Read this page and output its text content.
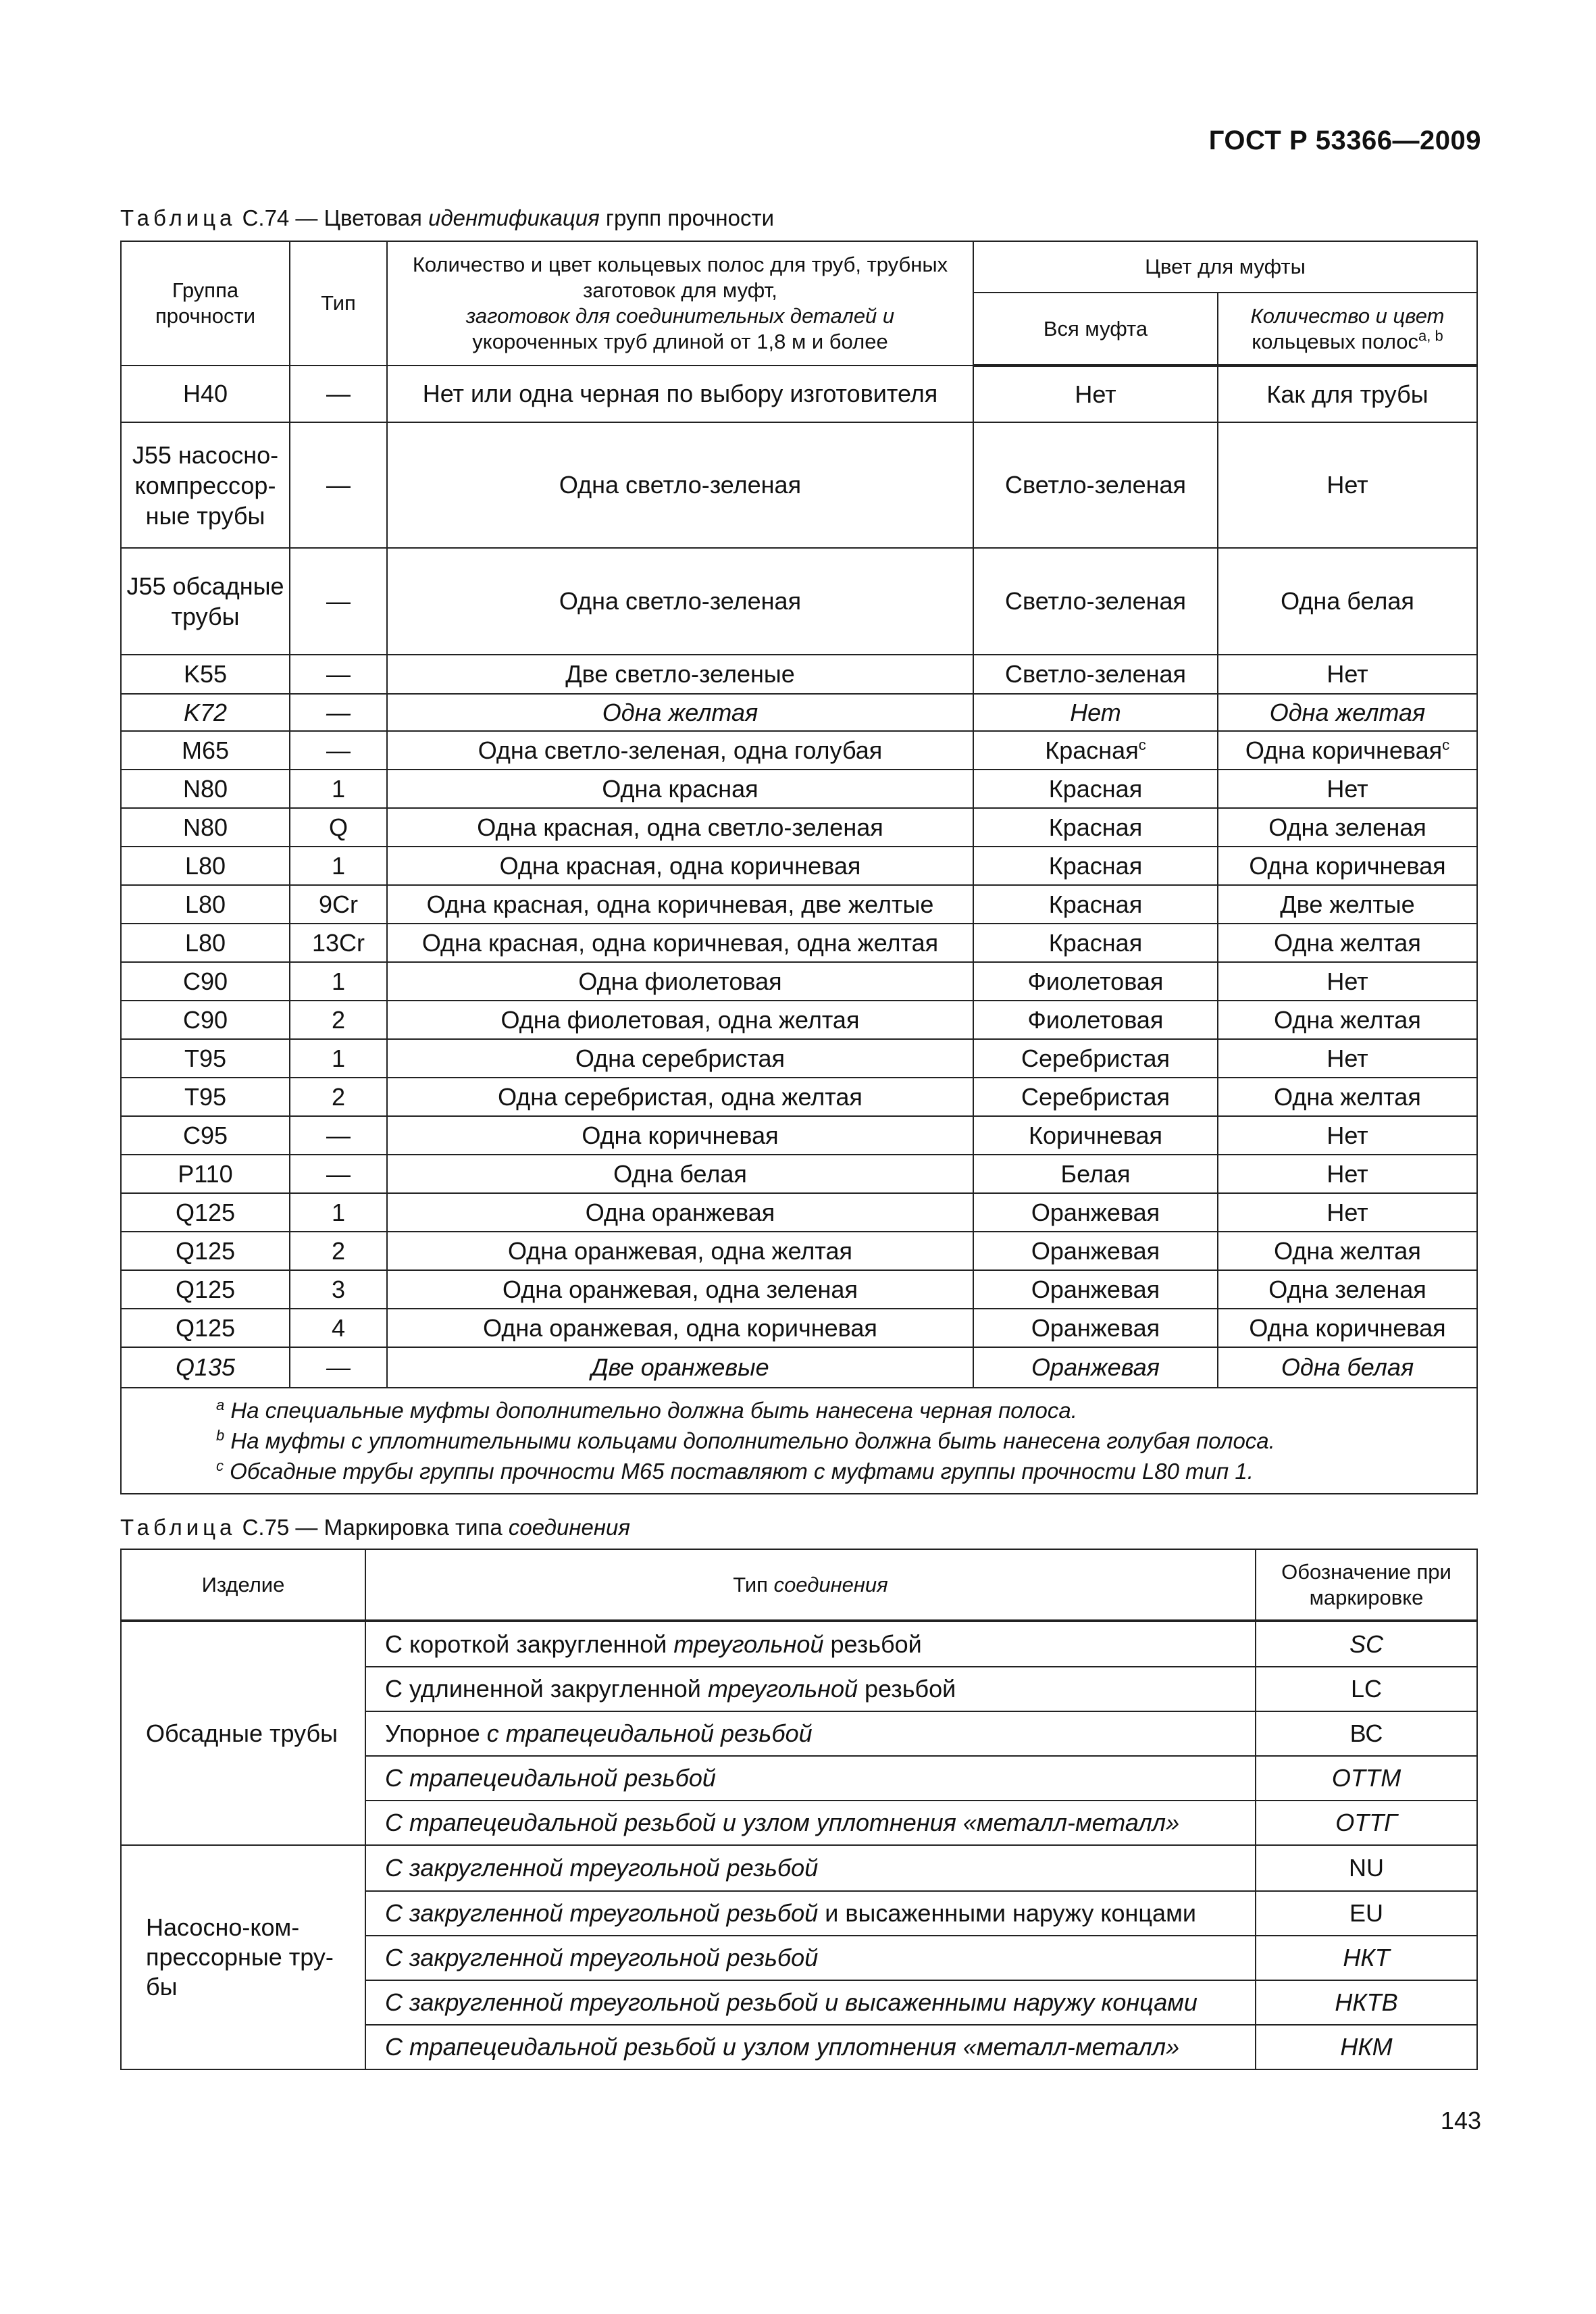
ГОСТ Р 53366—2009
Таблица С.74 — Цветовая идентификация групп прочности
Группа прочности	Тип	Количество и цвет кольцевых полос для труб, трубных заготовок для муфт,
заготовок для соединительных деталей и
укороченных труб длиной от 1,8 м и более	Цвет для муфты	
			Вся муфта	Количество и цвет
кольцевых полос$^{a, b}$

Н40	—	Нет или одна черная по выбору изготовителя	Нет	Как для трубы
J55 насосно-компрессор-ные трубы	—	Одна светло-зеленая	Светло-зеленая	Нет
J55 обсадные трубы	—	Одна светло-зеленая	Светло-зеленая	Одна белая
K55	—	Две светло-зеленые	Светло-зеленая	Нет
K72	—	Одна желтая	Нет	Одна желтая
М65	—	Одна светло-зеленая, одна голубая	Красная$^c$	Одна коричневая$^c$
N80	1	Одна красная	Красная	Нет
N80	Q	Одна красная, одна светло-зеленая	Красная	Одна зеленая
L80	1	Одна красная, одна коричневая	Красная	Одна коричневая
L80	9Cr	Одна красная, одна коричневая, две желтые	Красная	Две желтые
L80	13Cr	Одна красная, одна коричневая, одна желтая	Красная	Одна желтая
С90	1	Одна фиолетовая	Фиолетовая	Нет
С90	2	Одна фиолетовая, одна желтая	Фиолетовая	Одна желтая
Т95	1	Одна серебристая	Серебристая	Нет
Т95	2	Одна серебристая, одна желтая	Серебристая	Одна желтая
С95	—	Одна коричневая	Коричневая	Нет
Р110	—	Одна белая	Белая	Нет
Q125	1	Одна оранжевая	Оранжевая	Нет
Q125	2	Одна оранжевая, одна желтая	Оранжевая	Одна желтая
Q125	3	Одна оранжевая, одна зеленая	Оранжевая	Одна зеленая
Q125	4	Одна оранжевая, одна коричневая	Оранжевая	Одна коричневая
Q135	—	Две оранжевые	Оранжевая	Одна белая

$^a$ На специальные муфты дополнительно должна быть нанесена черная полоса.
$^b$ На муфты с уплотнительными кольцами дополнительно должна быть нанесена голубая полоса.
$^c$ Обсадные трубы группы прочности М65 поставляют с муфтами группы прочности L80 тип 1.				
Таблица С.75 — Маркировка типа соединения
Изделие	Тип соединения	Обозначение при маркировке

Обсадные трубы	С короткой закругленной треугольной резьбой	SC
	С удлиненной закругленной треугольной резьбой	LC
	Упорное с трапецеидальной резьбой	ВС
	С трапецеидальной резьбой	ОТТМ
	С трапецеидальной резьбой и узлом уплотнения «металл-металл»	ОТТГ

Насосно-ком-
прессорные тру-
бы	С закругленной треугольной резьбой	NU
	С закругленной треугольной резьбой и высаженными наружу концами	EU
	С закругленной треугольной резьбой	НКТ
	С закругленной треугольной резьбой и высаженными наружу концами	НКТВ
	С трапецеидальной резьбой и узлом уплотнения «металл-металл»	НКМ
143
